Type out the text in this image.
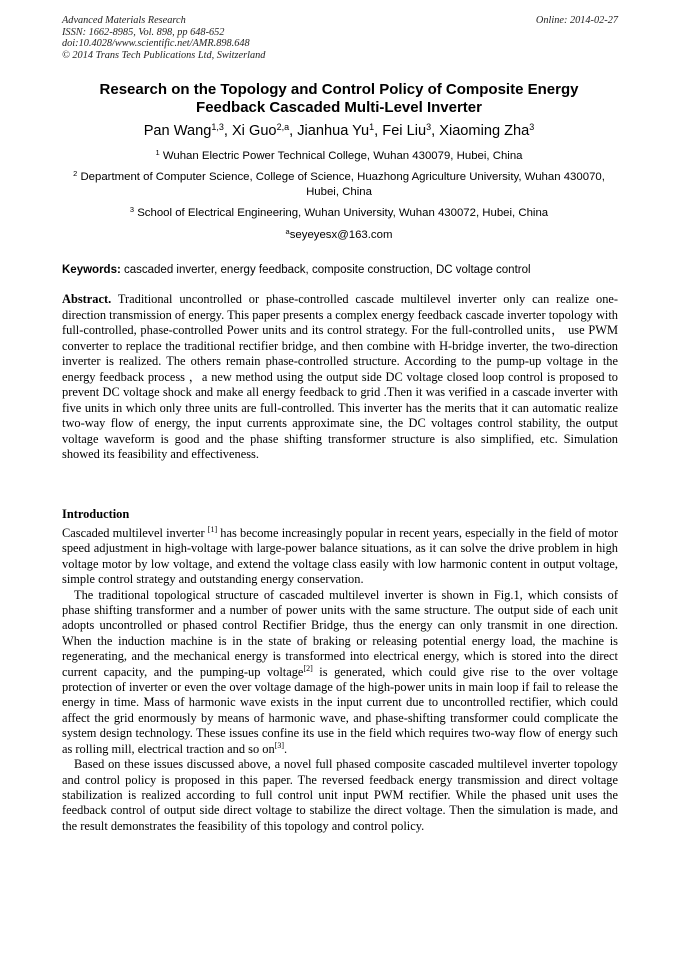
Advanced Materials Research
ISSN: 1662-8985, Vol. 898, pp 648-652
doi:10.4028/www.scientific.net/AMR.898.648
© 2014 Trans Tech Publications Ltd, Switzerland
Online: 2014-02-27
Research on the Topology and Control Policy of Composite Energy
Feedback Cascaded Multi-Level Inverter
Pan Wang$^{1,3}$, Xi Guo$^{2,a}$, Jianhua Yu$^1$, Fei Liu$^3$, Xiaoming Zha$^3$
$^1$ Wuhan Electric Power Technical College, Wuhan 430079, Hubei, China
$^2$ Department of Computer Science, College of Science, Huazhong Agriculture University, Wuhan 430070, Hubei, China
$^3$ School of Electrical Engineering, Wuhan University, Wuhan 430072, Hubei, China
$^a$seyeyesx@163.com
Keywords: cascaded inverter, energy feedback, composite construction, DC voltage control
Abstract. Traditional uncontrolled or phase-controlled cascade multilevel inverter only can realize one-direction transmission of energy. This paper presents a complex energy feedback cascade inverter topology with full-controlled, phase-controlled Power units and its control strategy. For the full-controlled units， use PWM converter to replace the traditional rectifier bridge, and then combine with H-bridge inverter, the two-direction inverter is realized. The others remain phase-controlled structure. According to the pump-up voltage in the energy feedback process ，a new method using the output side DC voltage closed loop control is proposed to prevent DC voltage shock and make all energy feedback to grid .Then it was verified in a cascade inverter with five units in which only three units are full-controlled. This inverter has the merits that it can automatic realize two-way flow of energy, the input currents approximate sine, the DC voltages control stability, the output voltage waveform is good and the phase shifting transformer structure is also simplified, etc. Simulation showed its feasibility and effectiveness.
Introduction

Cascaded multilevel inverter [1] has become increasingly popular in recent years, especially in the field of motor speed adjustment in high-voltage with large-power balance situations, as it can solve the drive problem in high voltage motor by low voltage, and extend the voltage class easily with low harmonic content in output voltage, simple control strategy and outstanding energy conservation.

The traditional topological structure of cascaded multilevel inverter is shown in Fig.1, which consists of phase shifting transformer and a number of power units with the same structure. The output side of each unit adopts uncontrolled or phased control Rectifier Bridge, thus the energy can only transmit in one direction. When the induction machine is in the state of braking or releasing potential energy load, the machine is regenerating, and the mechanical energy is transformed into electrical energy, which is stored into the direct current capacity, and the pumping-up voltage[2] is generated, which could give rise to the over voltage protection of inverter or even the over voltage damage of the high-power units in main loop if fail to release the energy in time. Mass of harmonic wave exists in the input current due to uncontrolled rectifier, which could affect the grid enormously by means of harmonic wave, and phase-shifting transformer could complicate the system design technology. These issues confine its use in the field which requires two-way flow of energy such as rolling mill, electrical traction and so on[3].

Based on these issues discussed above, a novel full phased composite cascaded multilevel inverter topology and control policy is proposed in this paper. The reversed feedback energy transmission and direct voltage stabilization is realized according to full control unit input PWM rectifier. While the phased unit uses the feedback control of output side direct voltage to stabilize the direct voltage. Then the simulation is made, and the result demonstrates the feasibility of this topology and control policy.
